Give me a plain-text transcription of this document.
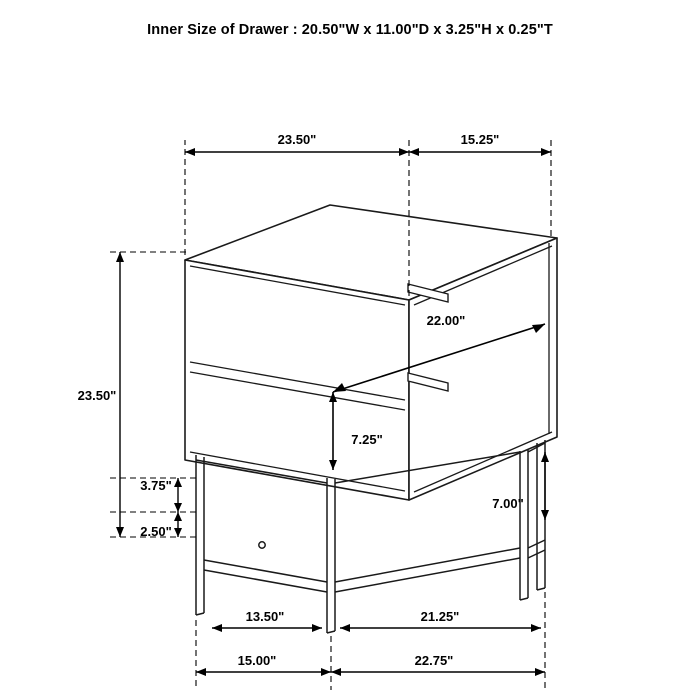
Inner Size of Drawer : 20.50"W x 11.00"D x 3.25"H x 0.25"T
23.50"	15.25"
23.50"
3.75"
2.50"
22.00"
7.25"
7.00"
13.50"	21.25"
15.00"	22.75"
